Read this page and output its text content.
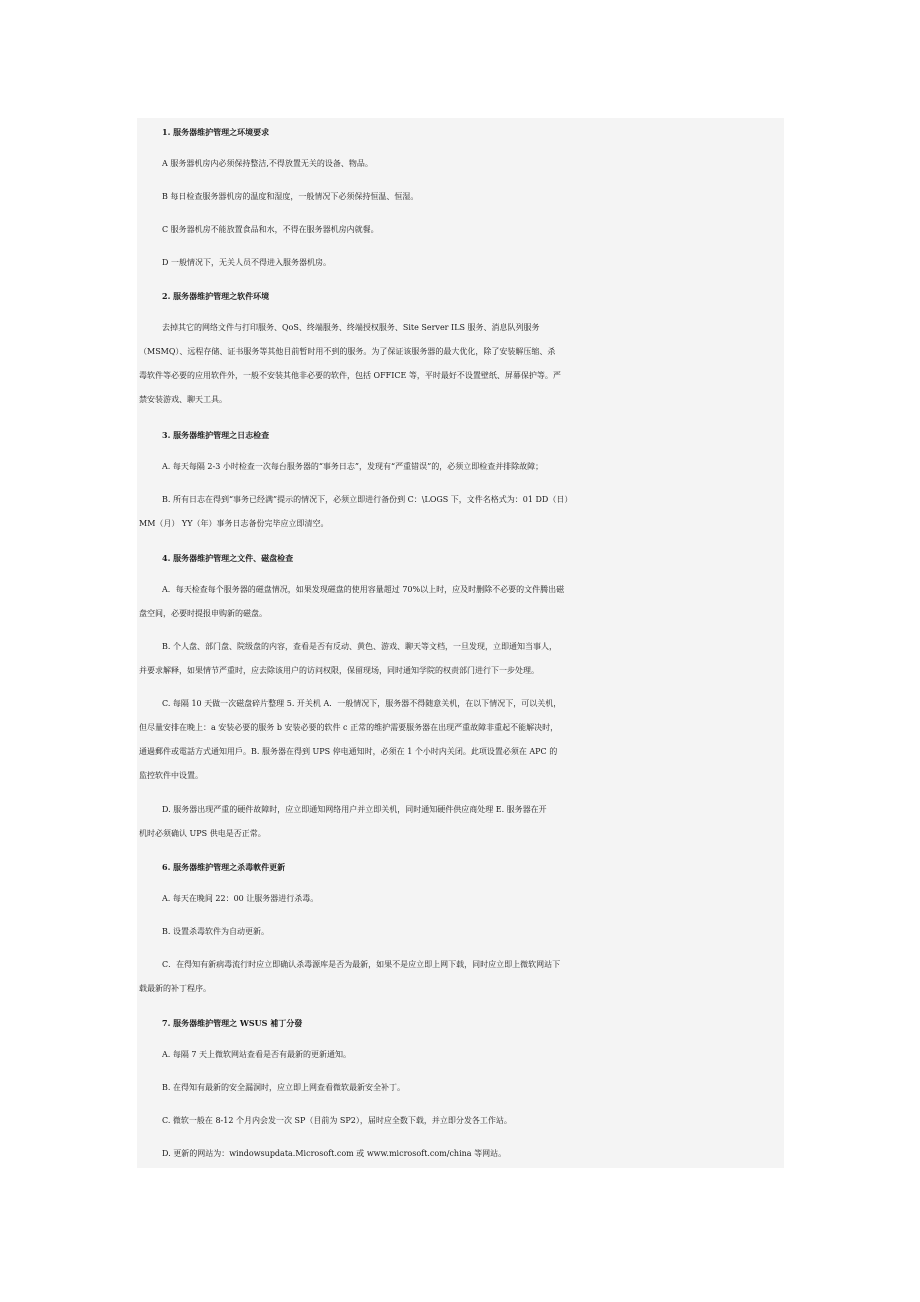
1. 服务器维护管理之环境要求
A 服务器机房内必须保持整洁,不得放置无关的设备、物品。
B 每日检查服务器机房的温度和湿度，一般情况下必须保持恒温、恒湿。
C 服务器机房不能放置食品和水，不得在服务器机房内就餐。
D 一般情况下，无关人员不得进入服务器机房。
2. 服务器维护管理之软件环境
去掉其它的网络文件与打印服务、QoS、终端服务、终端授权服务、Site Server ILS 服务、消息队列服务
（MSMQ）、远程存储、证书服务等其他目前暂时用不到的服务。为了保证该服务器的最大优化，除了安装解压缩、杀
毒软件等必要的应用软件外，一般不安装其他非必要的软件，包括 OFFICE 等，平时最好不设置壁纸、屏幕保护等。严
禁安装游戏、聊天工具。
3. 服务器维护管理之日志检查
A. 每天每隔 2-3 小时检查一次每台服务器的“事务日志”，发现有“严重错误”的，必须立即检查并排除故障；
B. 所有日志在得到“事务已经满”提示的情况下，必须立即进行备份到 C：\LOGS 下，文件名格式为：01 DD（日）
MM（月） YY（年）事务日志备份完毕应立即清空。
4. 服务器维护管理之文件、磁盘检查
A．每天检查每个服务器的磁盘情况，如果发现磁盘的使用容量超过 70%以上时，应及时删除不必要的文件腾出磁
盘空间，必要时提报申购新的磁盘。
B. 个人盘、部门盘、院级盘的内容，查看是否有反动、黄色、游戏、聊天等文档，一旦发现，立即通知当事人，
并要求解释，如果情节严重时，应去除该用户的访问权限，保留现场，同时通知学院的权责部门进行下一步处理。
C. 每隔 10 天做一次磁盘碎片整理 5. 开关机 A．一般情况下，服务器不得随意关机，在以下情况下，可以关机，
但尽量安排在晚上：a 安装必要的服务 b 安装必要的软件 c 正常的维护需要服务器在出现严重故障非重起不能解决时，
通過郵件或電話方式通知用戶。B. 服务器在得到 UPS 停电通知时，必须在 1 个小时内关闭。此项设置必须在 APC 的
监控软件中设置。
D. 服务器出现严重的硬件故障时，应立即通知网络用户并立即关机，同时通知硬件供应商处理 E. 服务器在开
机时必须确认 UPS 供电是否正常。
6. 服务器维护管理之杀毒軟件更新
A. 每天在晚间 22：00 让服务器进行杀毒。
B. 设置杀毒软件为自动更新。
C．在得知有新病毒流行时应立即确认杀毒源库是否为最新，如果不是应立即上网下载，同时应立即上微软网站下
载最新的补丁程序。
7. 服务器维护管理之 WSUS 補丁分發
A. 每隔 7 天上微软网站查看是否有最新的更新通知。
B. 在得知有最新的安全漏洞时，应立即上网查看微软最新安全补丁。
C. 微软一般在 8-12 个月内会发一次 SP（目前为 SP2），届时应全数下载，并立即分发各工作站。
D. 更新的网站为：windowsupdata.Microsoft.com 或 www.microsoft.com/china 等网站。
